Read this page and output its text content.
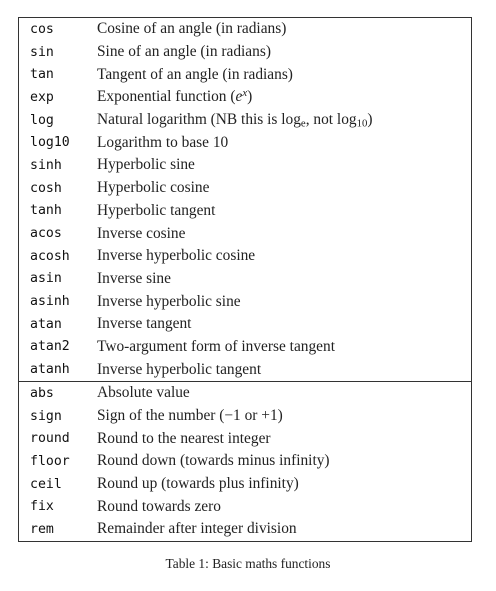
cos	Cosine of an angle (in radians)
sin	Sine of an angle (in radians)
tan	Tangent of an angle (in radians)
exp	Exponential function $(e^x)$
log	Natural logarithm (NB this is $\log_e$, not $\log_{10}$)
log10	Logarithm to base 10
sinh	Hyperbolic sine
cosh	Hyperbolic cosine
tanh	Hyperbolic tangent
acos	Inverse cosine
acosh	Inverse hyperbolic cosine
asin	Inverse sine
asinh	Inverse hyperbolic sine
atan	Inverse tangent
atan2	Two-argument form of inverse tangent
atanh	Inverse hyperbolic tangent
abs	Absolute value
sign	Sign of the number (−1 or +1)
round	Round to the nearest integer
floor	Round down (towards minus infinity)
ceil	Round up (towards plus infinity)
fix	Round towards zero
rem	Remainder after integer division
Table 1: Basic maths functions
